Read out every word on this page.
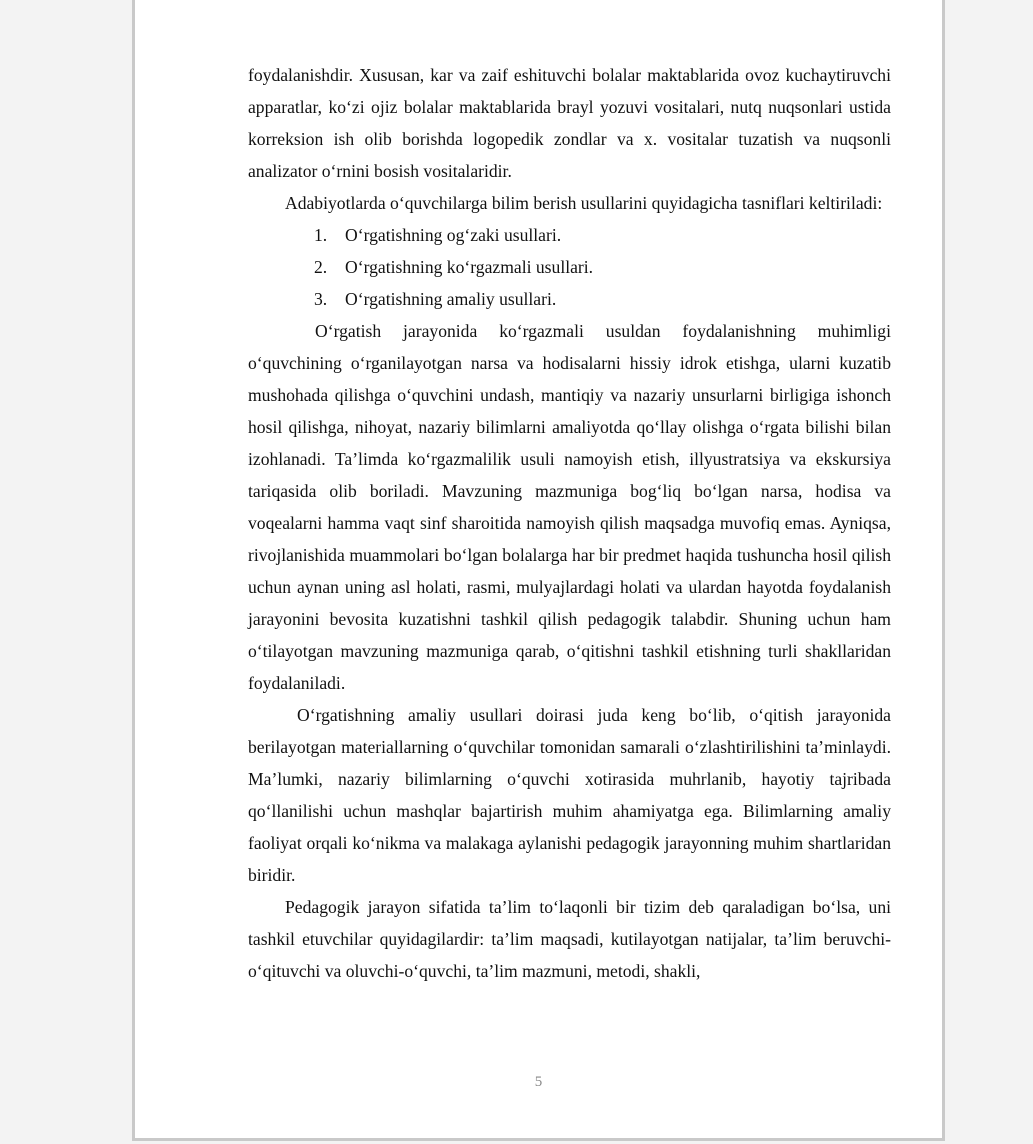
foydalanishdir. Xususan, kar va zaif eshituvchi bolalar maktablarida ovoz kuchaytiruvchi apparatlar, ko‘zi ojiz bolalar maktablarida brayl yozuvi vositalari, nutq nuqsonlari ustida korreksion ish olib borishda logopedik zondlar va x. vositalar tuzatish va nuqsonli analizator o‘rnini bosish vositalaridir.

Adabiyotlarda o‘quvchilarga bilim berish usullarini quyidagicha tasniflari keltiriladi:

1. O‘rgatishning og‘zaki usullari.
2. O‘rgatishning ko‘rgazmali usullari.
3. O‘rgatishning amaliy usullari.

O‘rgatish jarayonida ko‘rgazmali usuldan foydalanishning muhimligi o‘quvchining o‘rganilayotgan narsa va hodisalarni hissiy idrok etishga, ularni kuzatib mushohada qilishga o‘quvchini undash, mantiqiy va nazariy unsurlarni birligiga ishonch hosil qilishga, nihoyat, nazariy bilimlarni amaliyotda qo‘llay olishga o‘rgata bilishi bilan izohlanadi. Ta’limda ko‘rgazmalilik usuli namoyish etish, illyustratsiya va ekskursiya tariqasida olib boriladi. Mavzuning mazmuniga bog‘liq bo‘lgan narsa, hodisa va voqealarni hamma vaqt sinf sharoitida namoyish qilish maqsadga muvofiq emas. Ayniqsa, rivojlanishida muammolari bo‘lgan bolalarga har bir predmet haqida tushuncha hosil qilish uchun aynan uning asl holati, rasmi, mulyajlardagi holati va ulardan hayotda foydalanish jarayonini bevosita kuzatishni tashkil qilish pedagogik talabdir. Shuning uchun ham o‘tilayotgan mavzuning mazmuniga qarab, o‘qitishni tashkil etishning turli shakllaridan foydalaniladi.

O‘rgatishning amaliy usullari doirasi juda keng bo‘lib, o‘qitish jarayonida berilayotgan materiallarning o‘quvchilar tomonidan samarali o‘zlashtirilishini ta’minlaydi. Ma’lumki, nazariy bilimlarning o‘quvchi xotirasida muhrlanib, hayotiy tajribada qo‘llanilishi uchun mashqlar bajartirish muhim ahamiyatga ega. Bilimlarning amaliy faoliyat orqali ko‘nikma va malakaga aylanishi pedagogik jarayonning muhim shartlaridan biridir.

Pedagogik jarayon sifatida ta’lim to‘laqonli bir tizim deb qaraladigan bo‘lsa, uni tashkil etuvchilar quyidagilardir: ta’lim maqsadi, kutilayotgan natijalar, ta’lim beruvchi-o‘qituvchi va oluvchi-o‘quvchi, ta’lim mazmuni, metodi, shakli,

5
